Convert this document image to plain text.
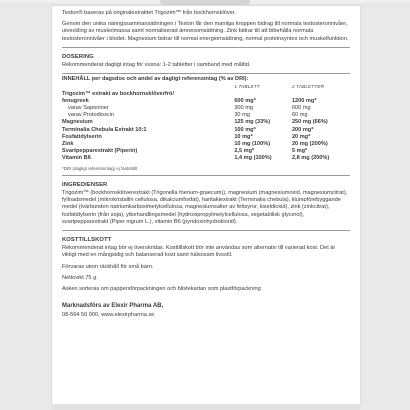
Teston® baseras på originalextraktet Trigozim™ från bockhornsklöver.

Genom den unika näringssammansättningen i Teston får den manliga kroppen bidrag till normala testosteronnivåer, utveckling av muskelmassa samt normaliserad ämnesomsättning. Zink bidrar till att bibehålla normala testosteronnivåer i blodet. Magnesium bidrar till normal energiomsättning, normal proteinsyntes och muskelfunktion.

DOSERING

Rekommenderat dagligt intag för vuxna: 1-2 tabletter i samband med måltid.

INNEHÅLL per dagsdos och andel av dagligt referensintag (% av DRI):
	1 TABLETT	2 TABLETTER
Trigozim™ extrakt av bockhornsklöverfrö/		
fenugreek	600 mg*	1200 mg*
varav Saponiner	300 mg	600 mg
varav Protodioscin	30 mg	60 mg
Magnesium	125 mg (33%)	250 mg (66%)
Terminalia Chebula Extrakt 10:1	100 mg*	200 mg*
Fosfatidylserin	10 mg*	20 mg*
Zink	10 mg (100%)	20 mg (200%)
Svartpepparextrakt (Piperin)	2,5 mg*	5 mg*
Vitamin B6	1,4 mg (100%)	2,8 mg (200%)
*DRI (dagligt referensintag) ej fastställt
INGREDIENSER

Trigozim™ (bockhornsklöverextrakt (Trigonella foenum-graecum)), magnesium (magnesiumoxid, magnesiumcitrat), fyllnadsmedel (mikrokristallin cellulosa, dikalciumfosfat), haritakiextrakt (Terminalia chebula), klumpförebyggande medel (tvärbunden natriumkarboximetylcellulosa, magnesiumsalter av fettsyror, kiseldioxid), zink (zinkcitrat), fosfatidylserin (från soja), ytbehandlingsmedel (hydroxipropylmetylcellulosa, vegetabilisk glycerol), svartpepparextrakt (Piper nigrum L.), vitamin B6 (pyridoxinhydroklorid).

KOSTTILLSKOTT

Rekommenderat intag bör ej överskridas. Kosttillskott bör inte användas som alternativ till varierad kost. Det är viktigt med en mångsidig och balanserad kost samt hälsosam livsstil.

Förvaras utom räckhåll för små barn.

Nettovikt 75 g.

Asken sorteras om pappersförpackningen och blistekartan som plastförpackning

Marknadsförs av Elexir Pharma AB,
08-564 50 000, www.elexirpharma.se
